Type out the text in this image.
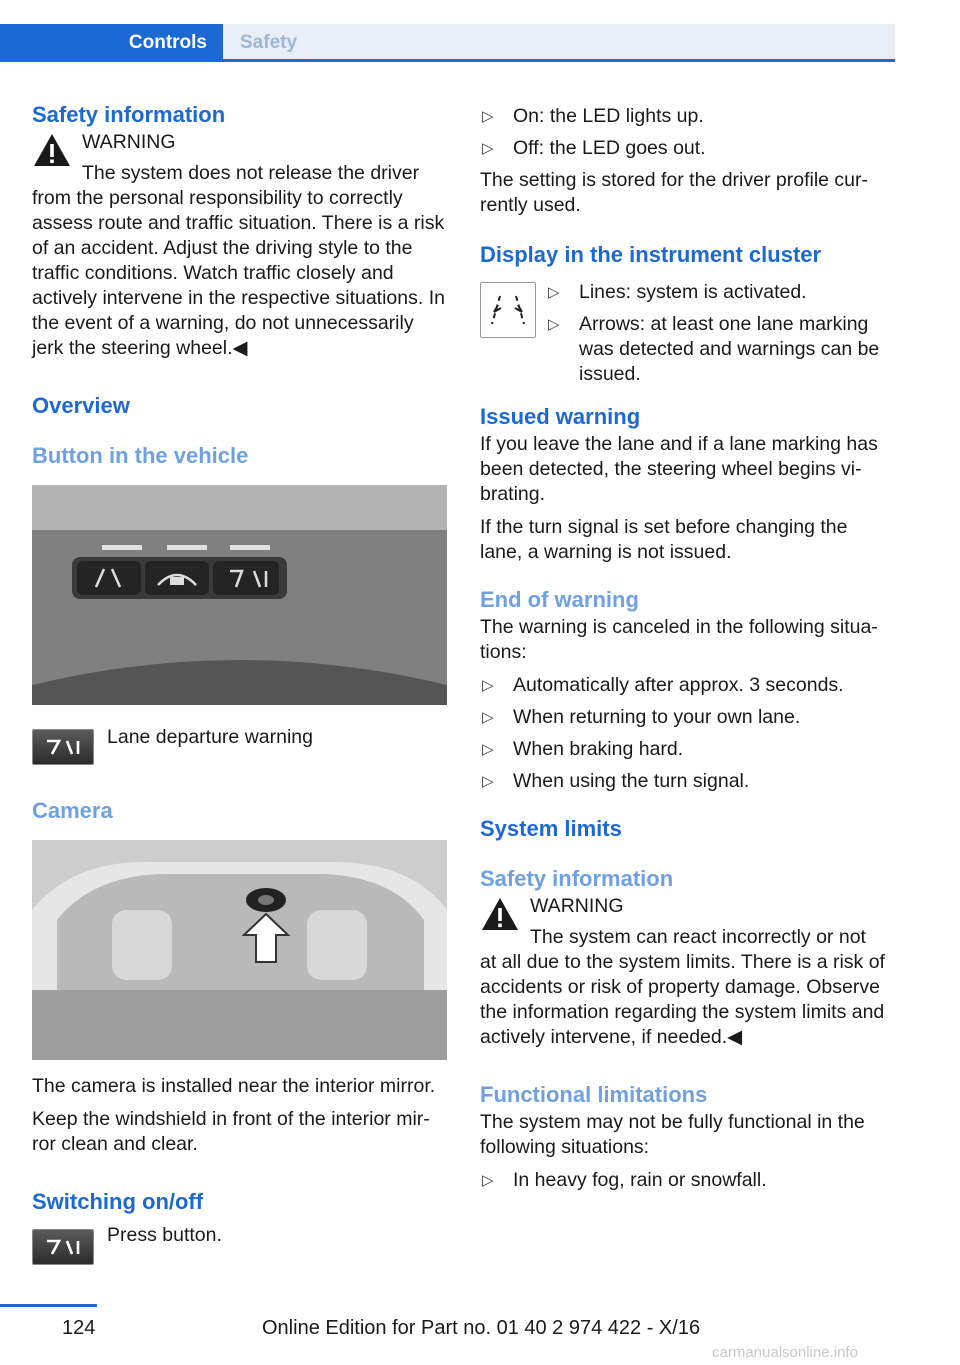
Controls	Safety
Safety information

WARNING

The system does not release the driver

from the personal responsibility to correctly assess route and traffic situation. There is a risk of an accident. Adjust the driving style to the traffic conditions. Watch traffic closely and actively intervene in the respective situations. In the event of a warning, do not unnecessarily jerk the steering wheel.◀

Overview
Button in the vehicle

Lane departure warning

Camera

The camera is installed near the interior mirror.

Keep the windshield in front of the interior mir‐ ror clean and clear.

Switching on/off

Press button.

▷ On: the LED lights up.
▷ Off: the LED goes out.

The setting is stored for the driver profile cur‐ rently used.

Display in the instrument cluster
▷ Lines: system is activated.
▷ Arrows: at least one lane marking was detected and warnings can be issued.
Issued warning

If you leave the lane and if a lane marking has been detected, the steering wheel begins vi‐ brating.

If the turn signal is set before changing the lane, a warning is not issued.

End of warning

The warning is canceled in the following situa‐ tions:

▷ Automatically after approx. 3 seconds.
▷ When returning to your own lane.
▷ When braking hard.
▷ When using the turn signal.
System limits
Safety information

WARNING

The system can react incorrectly or not

at all due to the system limits. There is a risk of accidents or risk of property damage. Observe the information regarding the system limits and actively intervene, if needed.◀

Functional limitations

The system may not be fully functional in the following situations:

▷ In heavy fog, rain or snowfall.
124	Online Edition for Part no. 01 40 2 974 422 - X/16
carmanualsonline.info
